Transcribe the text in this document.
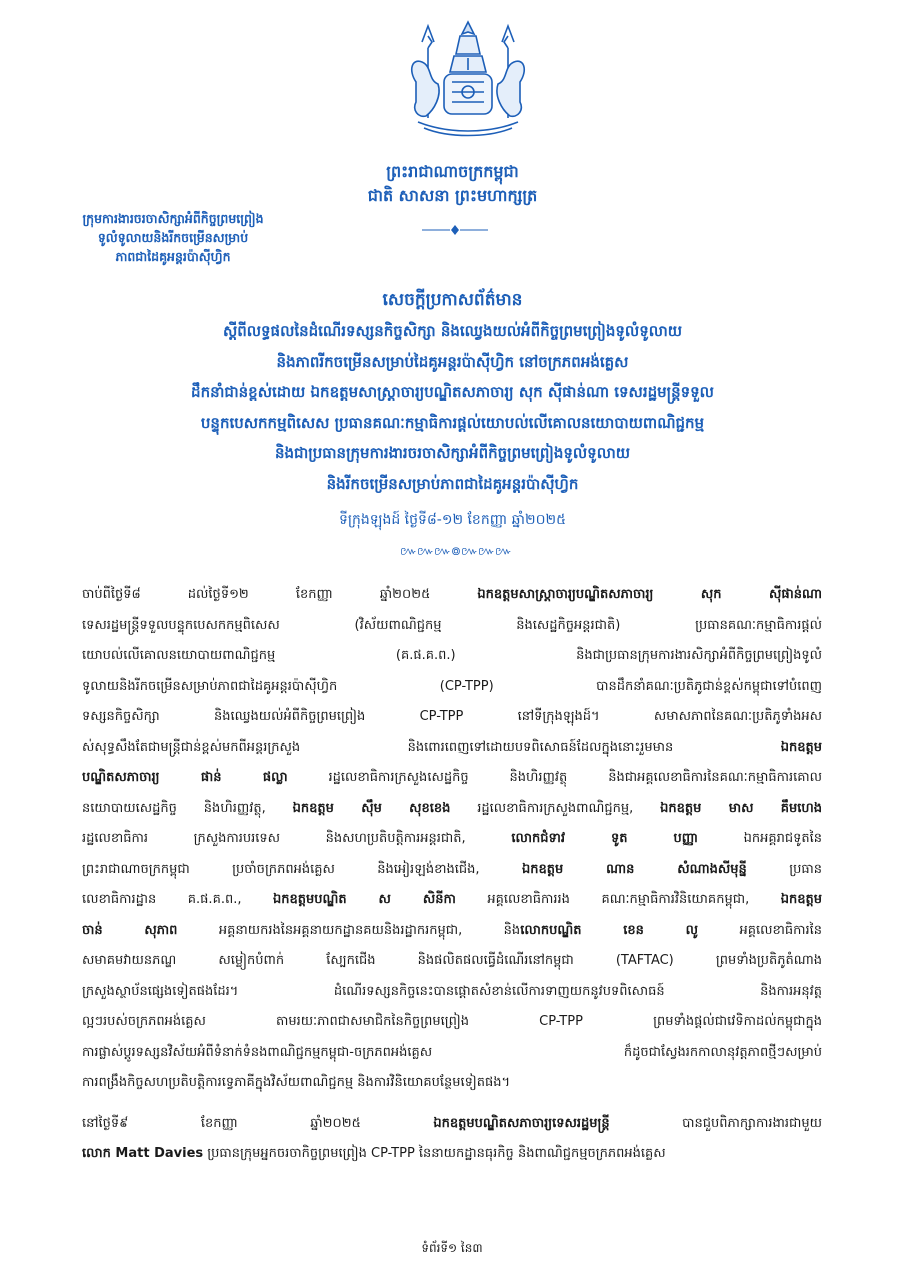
ព្រះរាជាណាចក្រកម្ពុជា
ជាតិ សាសនា ព្រះមហាក្សត្រ
ក្រុមការងារចរចាសិក្សាអំពីកិច្ចព្រមព្រៀង
ទូលំទូលាយនិងរីកចម្រើនសម្រាប់
ភាពជាដៃគូអន្តរប៉ាស៊ីហ្វិក
សេចក្តីប្រកាសព័ត៌មាន
ស្តីពីលទ្ធផលនៃដំណើរទស្សនកិច្ចសិក្សា និងឈ្វេងយល់អំពីកិច្ចព្រមព្រៀងទូលំទូលាយ
និងភាពរីកចម្រើនសម្រាប់ដៃគូអន្តរប៉ាស៊ីហ្វិក នៅចក្រភពអង់គ្លេស
ដឹកនាំជាន់ខ្ពស់ដោយ ឯកឧត្តមសាស្ត្រាចារ្យបណ្ឌិតសភាចារ្យ សុក ស៊ីផាន់ណា ទេសរដ្ឋមន្ត្រីទទួល
បន្ទុកបេសកកម្មពិសេស ប្រធានគណៈកម្មាធិការផ្តល់យោបល់លើគោលនយោបាយពាណិជ្ជកម្ម
និងជាប្រធានក្រុមការងារចរចាសិក្សាអំពីកិច្ចព្រមព្រៀងទូលំទូលាយ
និងរីកចម្រើនសម្រាប់ភាពជាដៃគូអន្តរប៉ាស៊ីហ្វិក
ទីក្រុងឡុងដ៍ ថ្ងៃទី៨-១២ ខែកញ្ញា ឆ្នាំ២០២៥
៚៚៚៙៚៚៚
ចាប់ពីថ្ងៃទី៨ ដល់ថ្ងៃទី១២ ខែកញ្ញា ឆ្នាំ២០២៥ ឯកឧត្តមសាស្ត្រាចារ្យបណ្ឌិតសភាចារ្យ សុក ស៊ីផាន់ណា
ទេសរដ្ឋមន្ត្រីទទួលបន្ទុកបេសកកម្មពិសេស (វិស័យពាណិជ្ជកម្ម និងសេដ្ឋកិច្ចអន្តរជាតិ) ប្រធានគណៈកម្មាធិការផ្តល់
យោបល់លើគោលនយោបាយពាណិជ្ជកម្ម (គ.ផ.គ.ព.) និងជាប្រធានក្រុមការងារសិក្សាអំពីកិច្ចព្រមព្រៀងទូលំ
ទូលាយនិងរីកចម្រើនសម្រាប់ភាពជាដៃគូអន្តរប៉ាស៊ីហ្វិក (CP-TPP) បានដឹកនាំគណៈប្រតិភូជាន់ខ្ពស់កម្ពុជាទៅបំពេញ
ទស្សនកិច្ចសិក្សា និងឈ្វេងយល់អំពីកិច្ចព្រមព្រៀង CP-TPP នៅទីក្រុងឡុងដ៍។ សមាសភាពនៃគណៈប្រតិភូទាំងអស
ស់សុទ្ធសឹងតែជាមន្ត្រីជាន់ខ្ពស់មកពីអន្តរក្រសួង និងពោរពេញទៅដោយបទពិសោធន៍ដែលក្នុងនោះរួមមាន ឯកឧត្តម
បណ្ឌិតសភាចារ្យ ផាន់ ផល្លា រដ្ឋលេខាធិការក្រសួងសេដ្ឋកិច្ច និងហិរញ្ញវត្ថុ និងជាអគ្គលេខាធិការនៃគណៈកម្មាធិការគោល
នយោបាយសេដ្ឋកិច្ច និងហិរញ្ញវត្ថុ, ឯកឧត្តម ស៊ឹម សុខខេង រដ្ឋលេខាធិការក្រសួងពាណិជ្ជកម្ម, ឯកឧត្តម មាស គឹមហេង
រដ្ឋលេខាធិការ ក្រសួងការបរទេស និងសហប្រតិបត្តិការអន្តរជាតិ, លោកជំទាវ ទូត បញ្ញា ឯកអគ្គរាជទូតនៃ
ព្រះរាជាណាចក្រកម្ពុជា ប្រចាំចក្រភពអង់គ្លេស និងអៀរឡង់ខាងជើង, ឯកឧត្តម ណាន សំណាងសីមុន្នី ប្រធាន
លេខាធិការដ្ឋាន គ.ផ.គ.ព., ឯកឧត្តមបណ្ឌិត ស សិនីកា អគ្គលេខាធិការរង គណៈកម្មាធិការវិនិយោគកម្ពុជា, ឯកឧត្តម
ចាន់ សុភាព អគ្គនាយករងនៃអគ្គនាយកដ្ឋានគយនិងរដ្ឋាករកម្ពុជា, និងលោកបណ្ឌិត ខេន លូ អគ្គលេខាធិការនៃ
សមាគមវាយនភណ្ឌ សម្លៀកបំពាក់ ស្បែកជើង និងផលិតផលធ្វើដំណើរនៅកម្ពុជា (TAFTAC) ព្រមទាំងប្រតិភូតំណាង
ក្រសួងស្ថាប័នផ្សេងទៀតផងដែរ។ ដំណើរទស្សនកិច្ចនេះបានផ្តោតសំខាន់លើការទាញយកនូវបទពិសោធន៍ និងការអនុវត្ត
ល្អៗរបស់ចក្រភពអង់គ្លេស តាមរយៈភាពជាសមាជិកនៃកិច្ចព្រមព្រៀង CP-TPP ព្រមទាំងផ្តល់ជាវេទិកាដល់កម្ពុជាក្នុង
ការផ្លាស់ប្តូរទស្សនវិស័យអំពីទំនាក់ទំនងពាណិជ្ជកម្មកម្ពុជា-ចក្រភពអង់គ្លេស ក៏ដូចជាស្វែងរកកាលានុវត្តភាពថ្មីៗសម្រាប់
ការពង្រឹងកិច្ចសហប្រតិបត្តិការទ្វេភាគីក្នុងវិស័យពាណិជ្ជកម្ម និងការវិនិយោគបន្ថែមទៀតផង។
នៅថ្ងៃទី៩ ខែកញ្ញា ឆ្នាំ២០២៥ ឯកឧត្តមបណ្ឌិតសភាចារ្យទេសរដ្ឋមន្ត្រី បានជួបពិភាក្សាការងារជាមួយ
លោក Matt Davies ប្រធានក្រុមអ្នកចរចាកិច្ចព្រមព្រៀង CP-TPP នៃនាយកដ្ឋានធុរកិច្ច និងពាណិជ្ជកម្មចក្រភពអង់គ្លេស
ទំព័រទី១ នៃ៣
